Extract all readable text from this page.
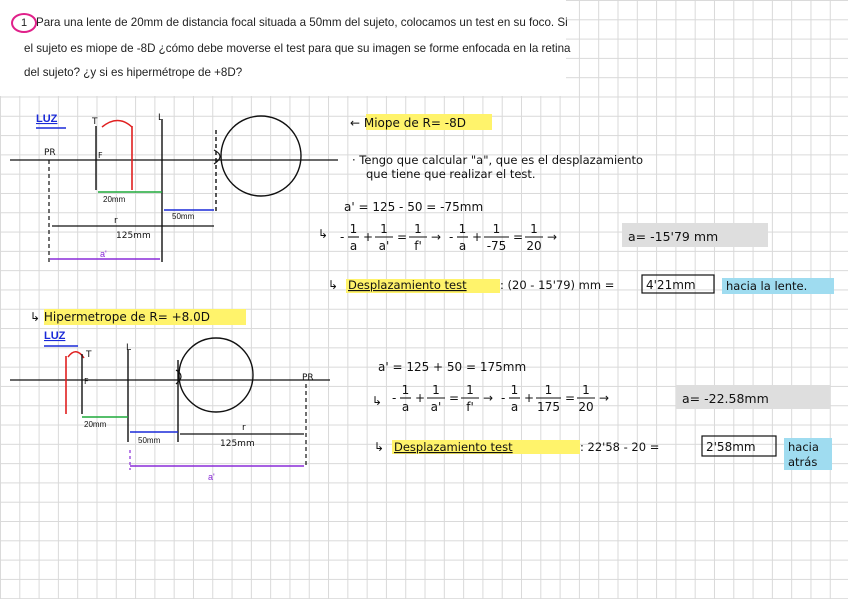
1 Para una lente de 20mm de distancia focal situada a 50mm del sujeto, colocamos un test en su foco. Si
el sujeto es miope de -8D ¿cómo debe moverse el test para que su imagen se forme enfocada en la retina
del sujeto? ¿y si es hipermétrope de +8D?
LUZ
PR
T
F
L
20mm
50mm
r
125mm
a'
← Miope de R= -8D
· Tengo que calcular "a", que es el desplazamiento
que tiene que realizar el test.
a' = 125 - 50 = -75mm
↳ -
1
a
+
1
a'
=
1
f'
→ -
1
a
+
1
-75
=
1
20
→	a= -15'79 mm
↳ Desplazamiento test	: (20 - 15'79) mm =	4'21mm	hacia la lente.
↳ Hipermetrope de R= +8.0D
LUZ
T
F
L
PR
20mm
50mm
r
125mm
a'
a' = 125 + 50 = 175mm
↳ -
1
a
+
1
a'
=
1
f'
→ -
1
a
+
1
175
=
1
20
→	a= -22.58mm
↳ Desplazamiento test	: 22'58 - 20 =	2'58mm	hacia
atrás
